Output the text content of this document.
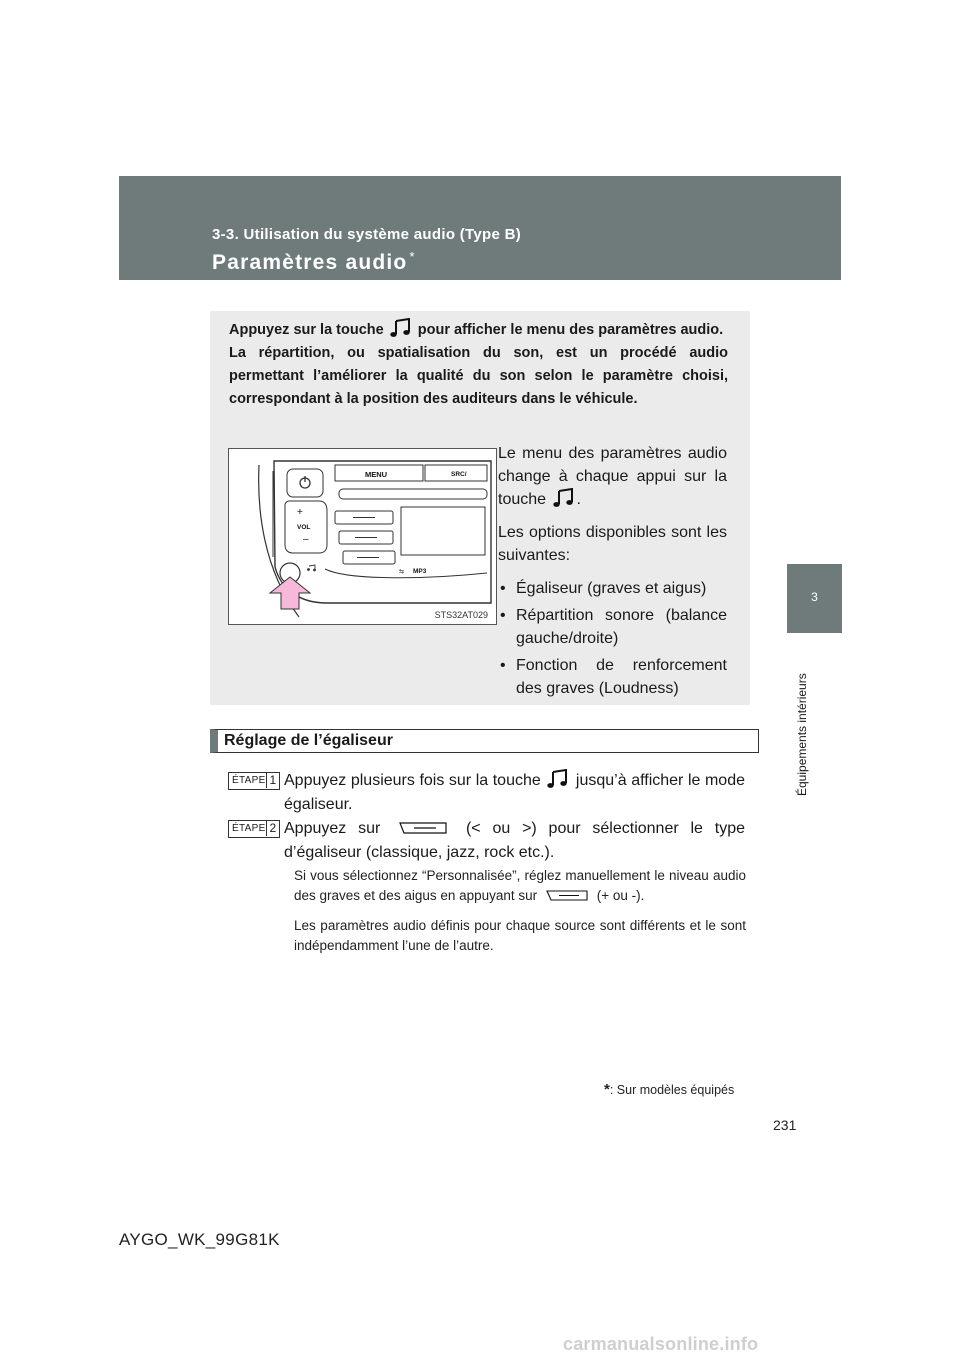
3-3. Utilisation du système audio (Type B)
Paramètres audio *
3
Équipements intérieurs
Appuyez sur la touche pour afficher le menu des paramètres audio.
La répartition, ou spatialisation du son, est un procédé audio permettant l’améliorer la qualité du son selon le paramètre choisi, correspondant à la position des auditeurs dans le véhicule.
MENU	SRC/
+
VOL
–
⇆ MP3
STS32AT029

Le menu des paramètres audio change à chaque appui sur la touche .

Les options disponibles sont les suivantes:

• Égaliseur (graves et aigus)
• Répartition sonore (balance gauche/droite)
• Fonction de renforcement des graves (Loudness)
Réglage de l’égaliseur
ÉTAPE 1 Appuyez plusieurs fois sur la touche jusqu’à afficher le mode égaliseur.
ÉTAPE 2 Appuyez sur	(< ou >) pour sélectionner le type d’égaliseur (classique, jazz, rock etc.).

Si vous sélectionnez “Personnalisée”, réglez manuellement le niveau audio des graves et des aigus en appuyant sur	(+ ou -).

Les paramètres audio définis pour chaque source sont différents et le sont indépendamment l’une de l’autre.

*: Sur modèles équipés
231
AYGO_WK_99G81K
carmanualsonline.info
